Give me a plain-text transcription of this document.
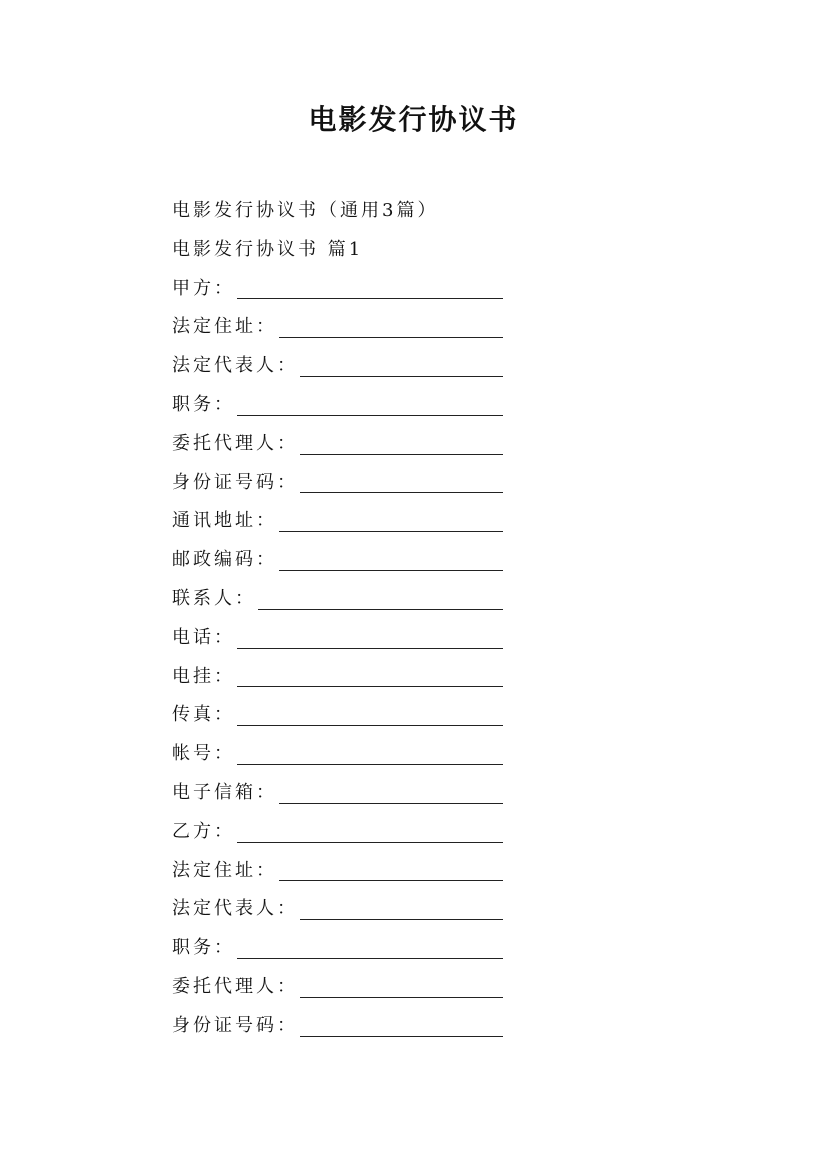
电影发行协议书
电影发行协议书（通用3篇）
电影发行协议书 篇1
甲方：
法定住址：
法定代表人：
职务：
委托代理人：
身份证号码：
通讯地址：
邮政编码：
联系人：
电话：
电挂：
传真：
帐号：
电子信箱：
乙方：
法定住址：
法定代表人：
职务：
委托代理人：
身份证号码：
